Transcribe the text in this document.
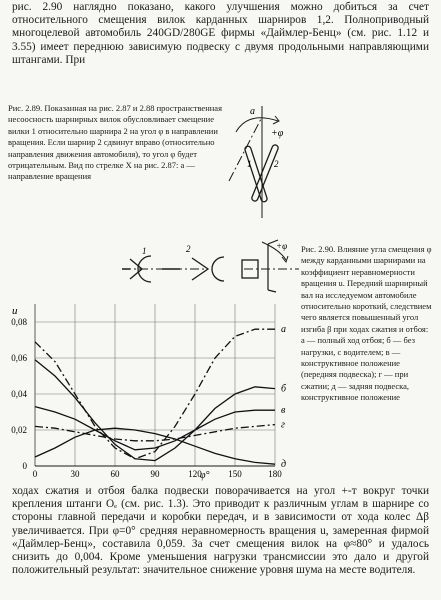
рис. 2.90 наглядно показано, какого улучшения можно добиться за счет относительного смещения вилок карданных шарниров 1,2. Полноприводный многоцелевой автомобиль 240GD/280GE фирмы «Даймлер-Бенц» (см. рис. 1.12 и 3.55) имеет переднюю зависимую подвеску с двумя продольными направляющими штангами. При

Рис. 2.89. Показанная на рис. 2.87 и 2.88 пространственная несоосность шарнирных вилок обусловливает смещение вилки 1 относительно шарнира 2 на угол φ в направлении вращения. Если шарнир 2 сдвинут вправо (относительно направления движения автомобиля), то угол φ будет отрицательным. Вид по стрелке X на рис. 2.87: а — направление вращения

a
+φ
1	2
1	2	+φ Рис. 2.90. Влияние угла смещения φ между карданными шарнирами на коэффициент неравномерности вращения u. Передний шарнирный вал на исследуемом автомобиле относительно короткий, следствием чего является повышенный угол изгиба β при ходах сжатия и отбоя:
а — полный ход отбоя; б — без нагрузки, с водителем; в — конструктивное положение (передняя подвеска); г — при сжатии; д — задняя подвеска, конструктивное положение

0	30	60	90	120	150	180
0,08
0,06
0,04
0,02
0
u
φ°
а
б
в
г
д

ходах сжатия и отбоя балка подвески поворачивается на угол +-т вокруг точки крепления штанги Oₑ (см. рис. 1.3). Это приводит к различным углам в шарнире со стороны главной передачи и коробки передач, и в зависимости от хода колес Δβ увеличивается. При φ=0° средняя неравномерность вращения u, замеренная фирмой «Даймлер-Бенц», составила 0,059. За счет смещения вилок на φ≈80° и удалось снизить до 0,004. Кроме уменьшения нагрузки трансмиссии это дало и другой положительный результат: значительное снижение уровня шума на месте водителя.
